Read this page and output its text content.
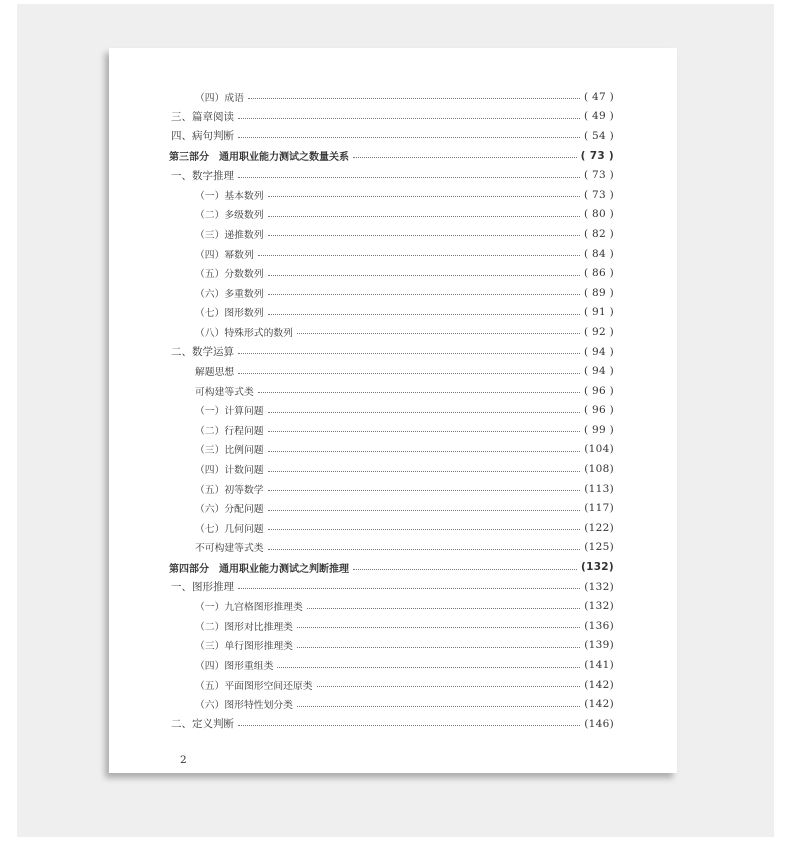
（四）成语	( 47 )
三、篇章阅读	( 49 )
四、病句判断	( 54 )
第三部分　通用职业能力测试之数量关系	( 73 )
一、数字推理	( 73 )
（一）基本数列	( 73 )
（二）多级数列	( 80 )
（三）递推数列	( 82 )
（四）幂数列	( 84 )
（五）分数数列	( 86 )
（六）多重数列	( 89 )
（七）图形数列	( 91 )
（八）特殊形式的数列	( 92 )
二、数学运算	( 94 )
解题思想	( 94 )
可构建等式类	( 96 )
（一）计算问题	( 96 )
（二）行程问题	( 99 )
（三）比例问题	(104)
（四）计数问题	(108)
（五）初等数学	(113)
（六）分配问题	(117)
（七）几何问题	(122)
不可构建等式类	(125)
第四部分　通用职业能力测试之判断推理	(132)
一、图形推理	(132)
（一）九宫格图形推理类	(132)
（二）图形对比推理类	(136)
（三）单行图形推理类	(139)
（四）图形重组类	(141)
（五）平面图形空间还原类	(142)
（六）图形特性划分类	(142)
二、定义判断	(146)
2
